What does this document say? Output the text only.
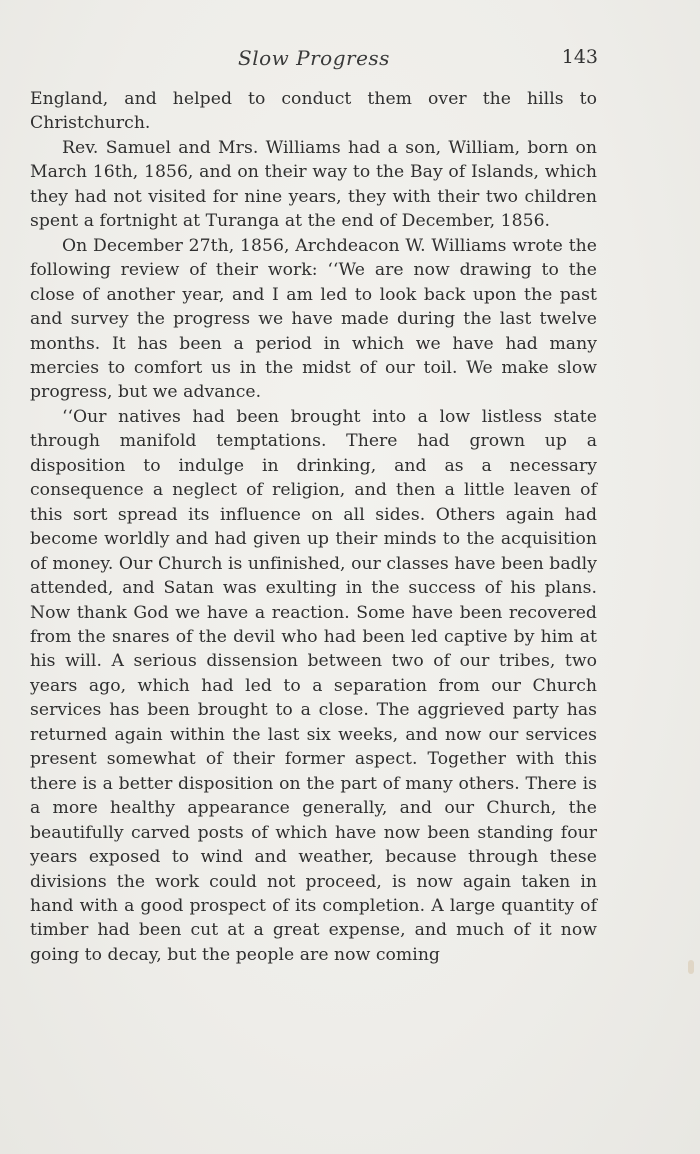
Slow Progress	143

England, and helped to conduct them over the hills to Christchurch.

Rev. Samuel and Mrs. Williams had a son, William, born on March 16th, 1856, and on their way to the Bay of Islands, which they had not visited for nine years, they with their two children spent a fortnight at Turanga at the end of December, 1856.

On December 27th, 1856, Archdeacon W. Williams wrote the following review of their work: ‘‘We are now drawing to the close of another year, and I am led to look back upon the past and survey the progress we have made during the last twelve months. It has been a period in which we have had many mercies to comfort us in the midst of our toil. We make slow progress, but we advance.

‘‘Our natives had been brought into a low listless state through manifold temptations. There had grown up a disposition to indulge in drinking, and as a necessary consequence a neglect of religion, and then a little leaven of this sort spread its influence on all sides. Others again had become worldly and had given up their minds to the acquisition of money. Our Church is unfinished, our classes have been badly attended, and Satan was exulting in the success of his plans. Now thank God we have a reaction. Some have been recovered from the snares of the devil who had been led captive by him at his will. A serious dissension between two of our tribes, two years ago, which had led to a separation from our Church services has been brought to a close. The aggrieved party has returned again within the last six weeks, and now our services present somewhat of their former aspect. Together with this there is a better disposition on the part of many others. There is a more healthy appearance generally, and our Church, the beautifully carved posts of which have now been standing four years exposed to wind and weather, because through these divisions the work could not proceed, is now again taken in hand with a good prospect of its completion. A large quantity of timber had been cut at a great expense, and much of it now going to decay, but the people are now coming
